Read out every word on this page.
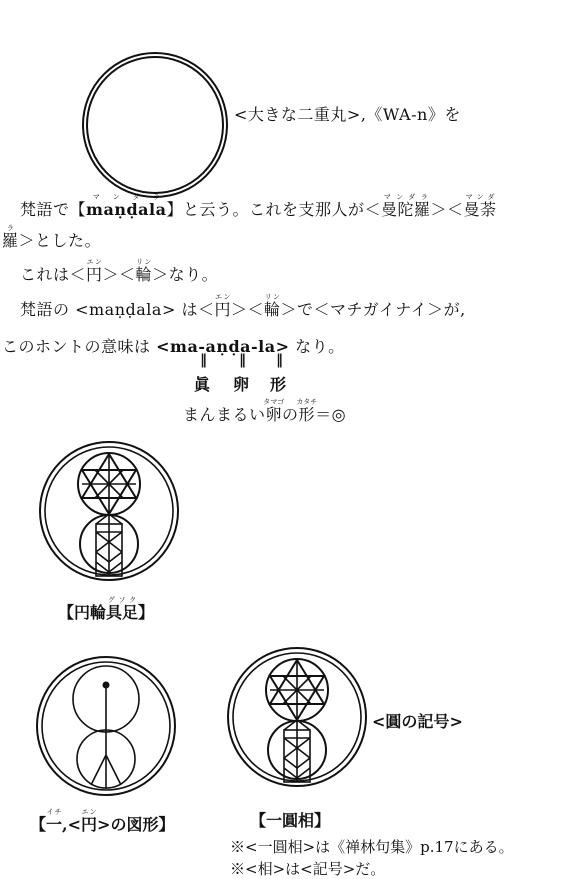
<大きな二重丸>,《WA-n》を
梵語で【maṇḍalaマンダラ】と云う。これを支那人が＜曼陀羅マンダラ＞＜曼荼マンダ
羅ラ＞とした。
これは＜円エン＞＜輪リン＞なり。
梵語の <maṇḍala> は＜円エン＞＜輪リン＞で＜マチガイナイ＞が,
このホントの意味は <ma-aṇḍa-la> なり。
‖ ‖ ‖
眞 卵 形
まんまるい卵タマゴの形カタチ＝◎
【円輪具足グソク】
【一イチ,<円エン>の図形】
<圓の記号>
【一圓相】
※<一圓相>は《禅林句集》p.17にある。
※<相>は<記号>だ。
